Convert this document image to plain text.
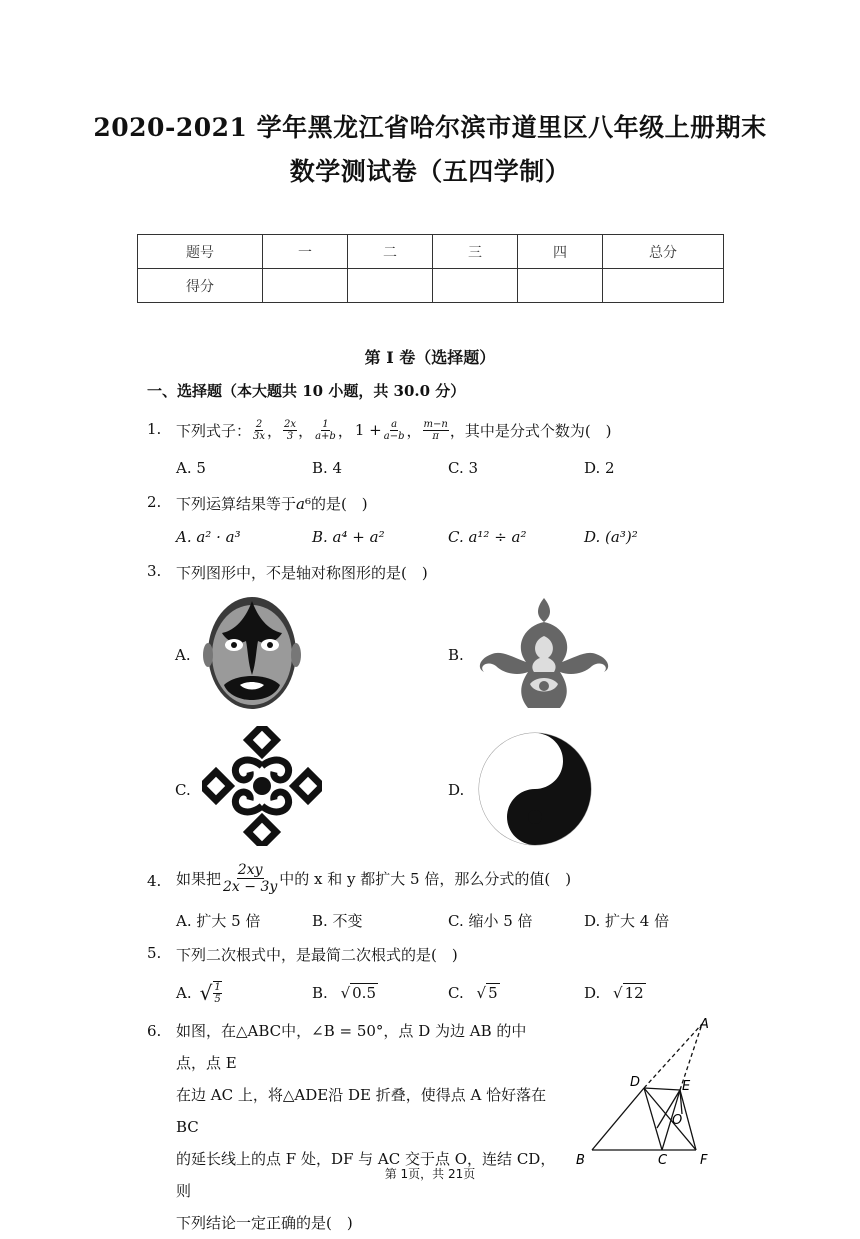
2020-2021 学年黑龙江省哈尔滨市道里区八年级上册期末
数学测试卷（五四学制）
题号	一	二	三	四	总分
得分					
第 I 卷（选择题）
一、选择题（本大题共 10 小题，共 30.0 分）
1. 下列式子： $\frac{2}{3x}$ ， $\frac{2x}{3}$ ， $\frac{1}{a+b}$ ， $1 + \frac{a}{a-b}$ ， $\frac{m-n}{\pi}$ ，其中是分式个数为(　)
A. 5	B. 4	C. 3	D. 2
2. 下列运算结果等于𝑎⁶的是(　)
A. a² · a³	B. a⁴ + a²	C. a¹² ÷ a²	D. (a³)²
3. 下列图形中，不是轴对称图形的是(　)
A.	B.
C.	D.
4. 如果把 $\frac{2xy}{2x - 3y}$ 中的 x 和 y 都扩大 5 倍，那么分式的值(　)
A. 扩大 5 倍	B. 不变	C. 缩小 5 倍	D. 扩大 4 倍
5. 下列二次根式中，是最简二次根式的是(　)
A. √ $\frac{1}{5}$	B. √ 0.5	C. √ 5	D. √ 12
6. 如图，在△ABC中，∠B = 50°，点 D 为边 AB 的中点，点 E
在边 AC 上，将△ADE沿 DE 折叠，使得点 A 恰好落在 BC
的延长线上的点 F 处，DF 与 AC 交于点 O，连结 CD，则
下列结论一定正确的是(　)
A
D	E
O
B	C	F
第 1页，共 21页
